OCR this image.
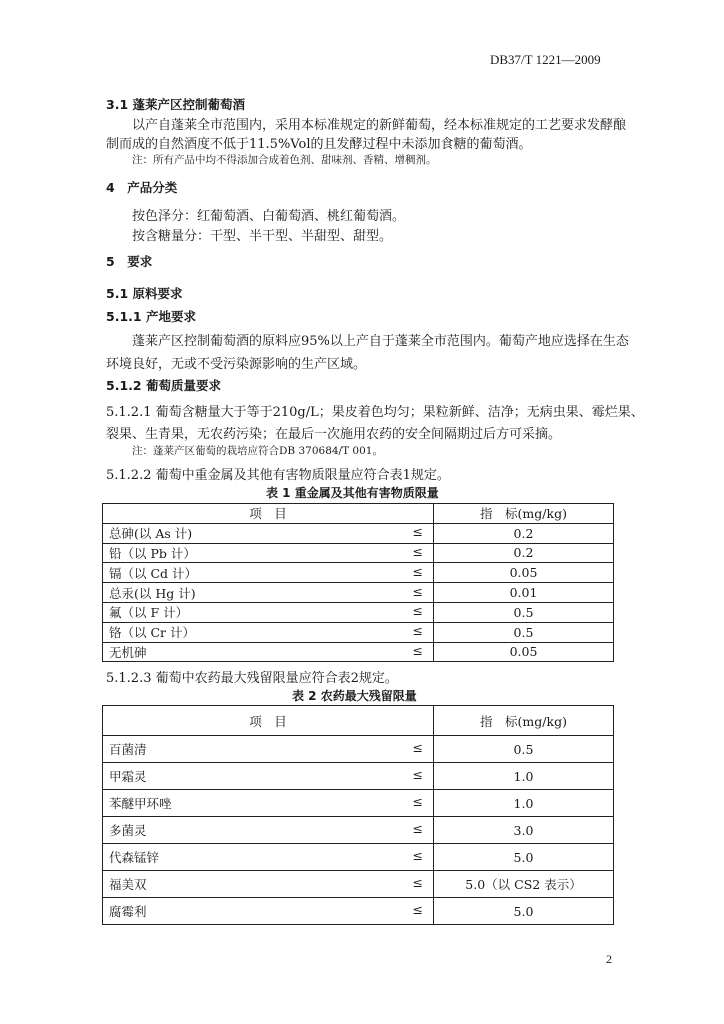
DB37/T 1221—2009
3.1 蓬莱产区控制葡萄酒
以产自蓬莱全市范围内，采用本标准规定的新鲜葡萄，经本标准规定的工艺要求发酵酿
制而成的自然酒度不低于11.5%Vol的且发酵过程中未添加食糖的葡萄酒。
注：所有产品中均不得添加合成着色剂、甜味剂、香精、增稠剂。
4　产品分类
按色泽分：红葡萄酒、白葡萄酒、桃红葡萄酒。
按含糖量分：干型、半干型、半甜型、甜型。
5　要求
5.1 原料要求
5.1.1 产地要求
蓬莱产区控制葡萄酒的原料应95%以上产自于蓬莱全市范围内。葡萄产地应选择在生态
环境良好，无或不受污染源影响的生产区域。
5.1.2 葡萄质量要求
5.1.2.1 葡萄含糖量大于等于210g/L；果皮着色均匀；果粒新鲜、洁净；无病虫果、霉烂果、
裂果、生青果，无农药污染；在最后一次施用农药的安全间隔期过后方可采摘。
注：蓬莱产区葡萄的栽培应符合DB 370684/T 001。
5.1.2.2 葡萄中重金属及其他有害物质限量应符合表1规定。
表 1 重金属及其他有害物质限量
项　目	指　标(mg/kg)

总砷(以 As 计) ≤	0.2

铅（以 Pb 计） ≤	0.2

镉（以 Cd 计） ≤	0.05

总汞(以 Hg 计) ≤	0.01

氟（以 F 计） ≤	0.5

铬（以 Cr 计） ≤	0.5

无机砷 ≤	0.05
5.1.2.3 葡萄中农药最大残留限量应符合表2规定。
表 2 农药最大残留限量
项　目	指　标(mg/kg)

百菌清 ≤	0.5

甲霜灵 ≤	1.0

苯醚甲环唑 ≤	1.0

多菌灵 ≤	3.0

代森锰锌 ≤	5.0

福美双 ≤	5.0（以 CS2 表示）

腐霉利 ≤	5.0
2
